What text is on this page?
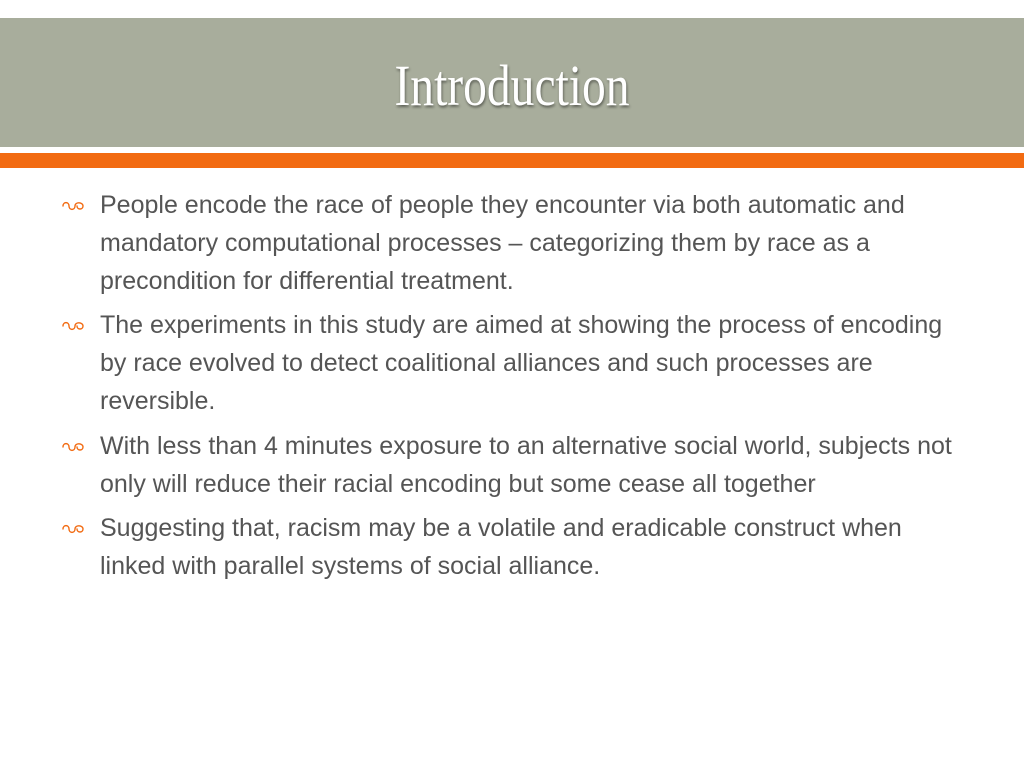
Introduction
People encode the race of people they encounter via both automatic and mandatory computational processes – categorizing them by race as a precondition for differential treatment.
The experiments in this study are aimed at showing the process of encoding by race evolved to detect coalitional alliances and such processes are reversible.
With less than 4 minutes exposure to an alternative social world, subjects not only will reduce their racial encoding but some cease all together
Suggesting that, racism may be a volatile and eradicable construct when linked with parallel systems of social alliance.
